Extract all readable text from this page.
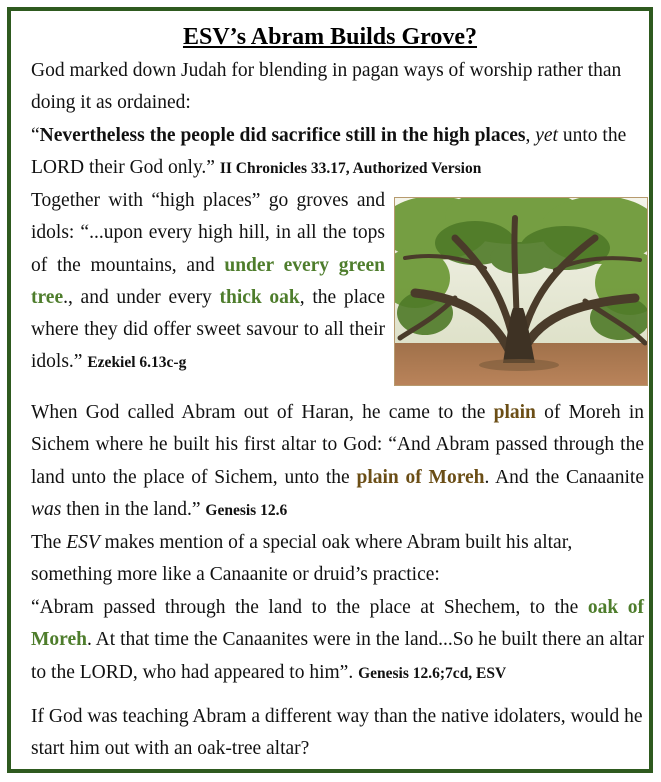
ESV’s Abram Builds Grove?

God marked down Judah for blending in pagan ways of worship rather than doing it as ordained:

“Nevertheless the people did sacrifice still in the high places, yet unto the LORD their God only.” II Chronicles 33.17, Authorized Version

Together with “high places” go groves and idols: “...upon every high hill, in all the tops of the mountains, and under every green tree., and under every thick oak, the place where they did offer sweet savour to all their idols.” Ezekiel 6.13c-g

When God called Abram out of Haran, he came to the plain of Moreh in Sichem where he built his first altar to God: “And Abram passed through the land unto the place of Sichem, unto the plain of Moreh. And the Canaanite was then in the land.” Genesis 12.6

The ESV makes mention of a special oak where Abram built his altar, something more like a Canaanite or druid’s practice:

“Abram passed through the land to the place at Shechem, to the oak of Moreh. At that time the Canaanites were in the land...So he built there an altar to the LORD, who had appeared to him”. Genesis 12.6;7cd, ESV

If God was teaching Abram a different way than the native idolaters, would he start him out with an oak-tree altar?
